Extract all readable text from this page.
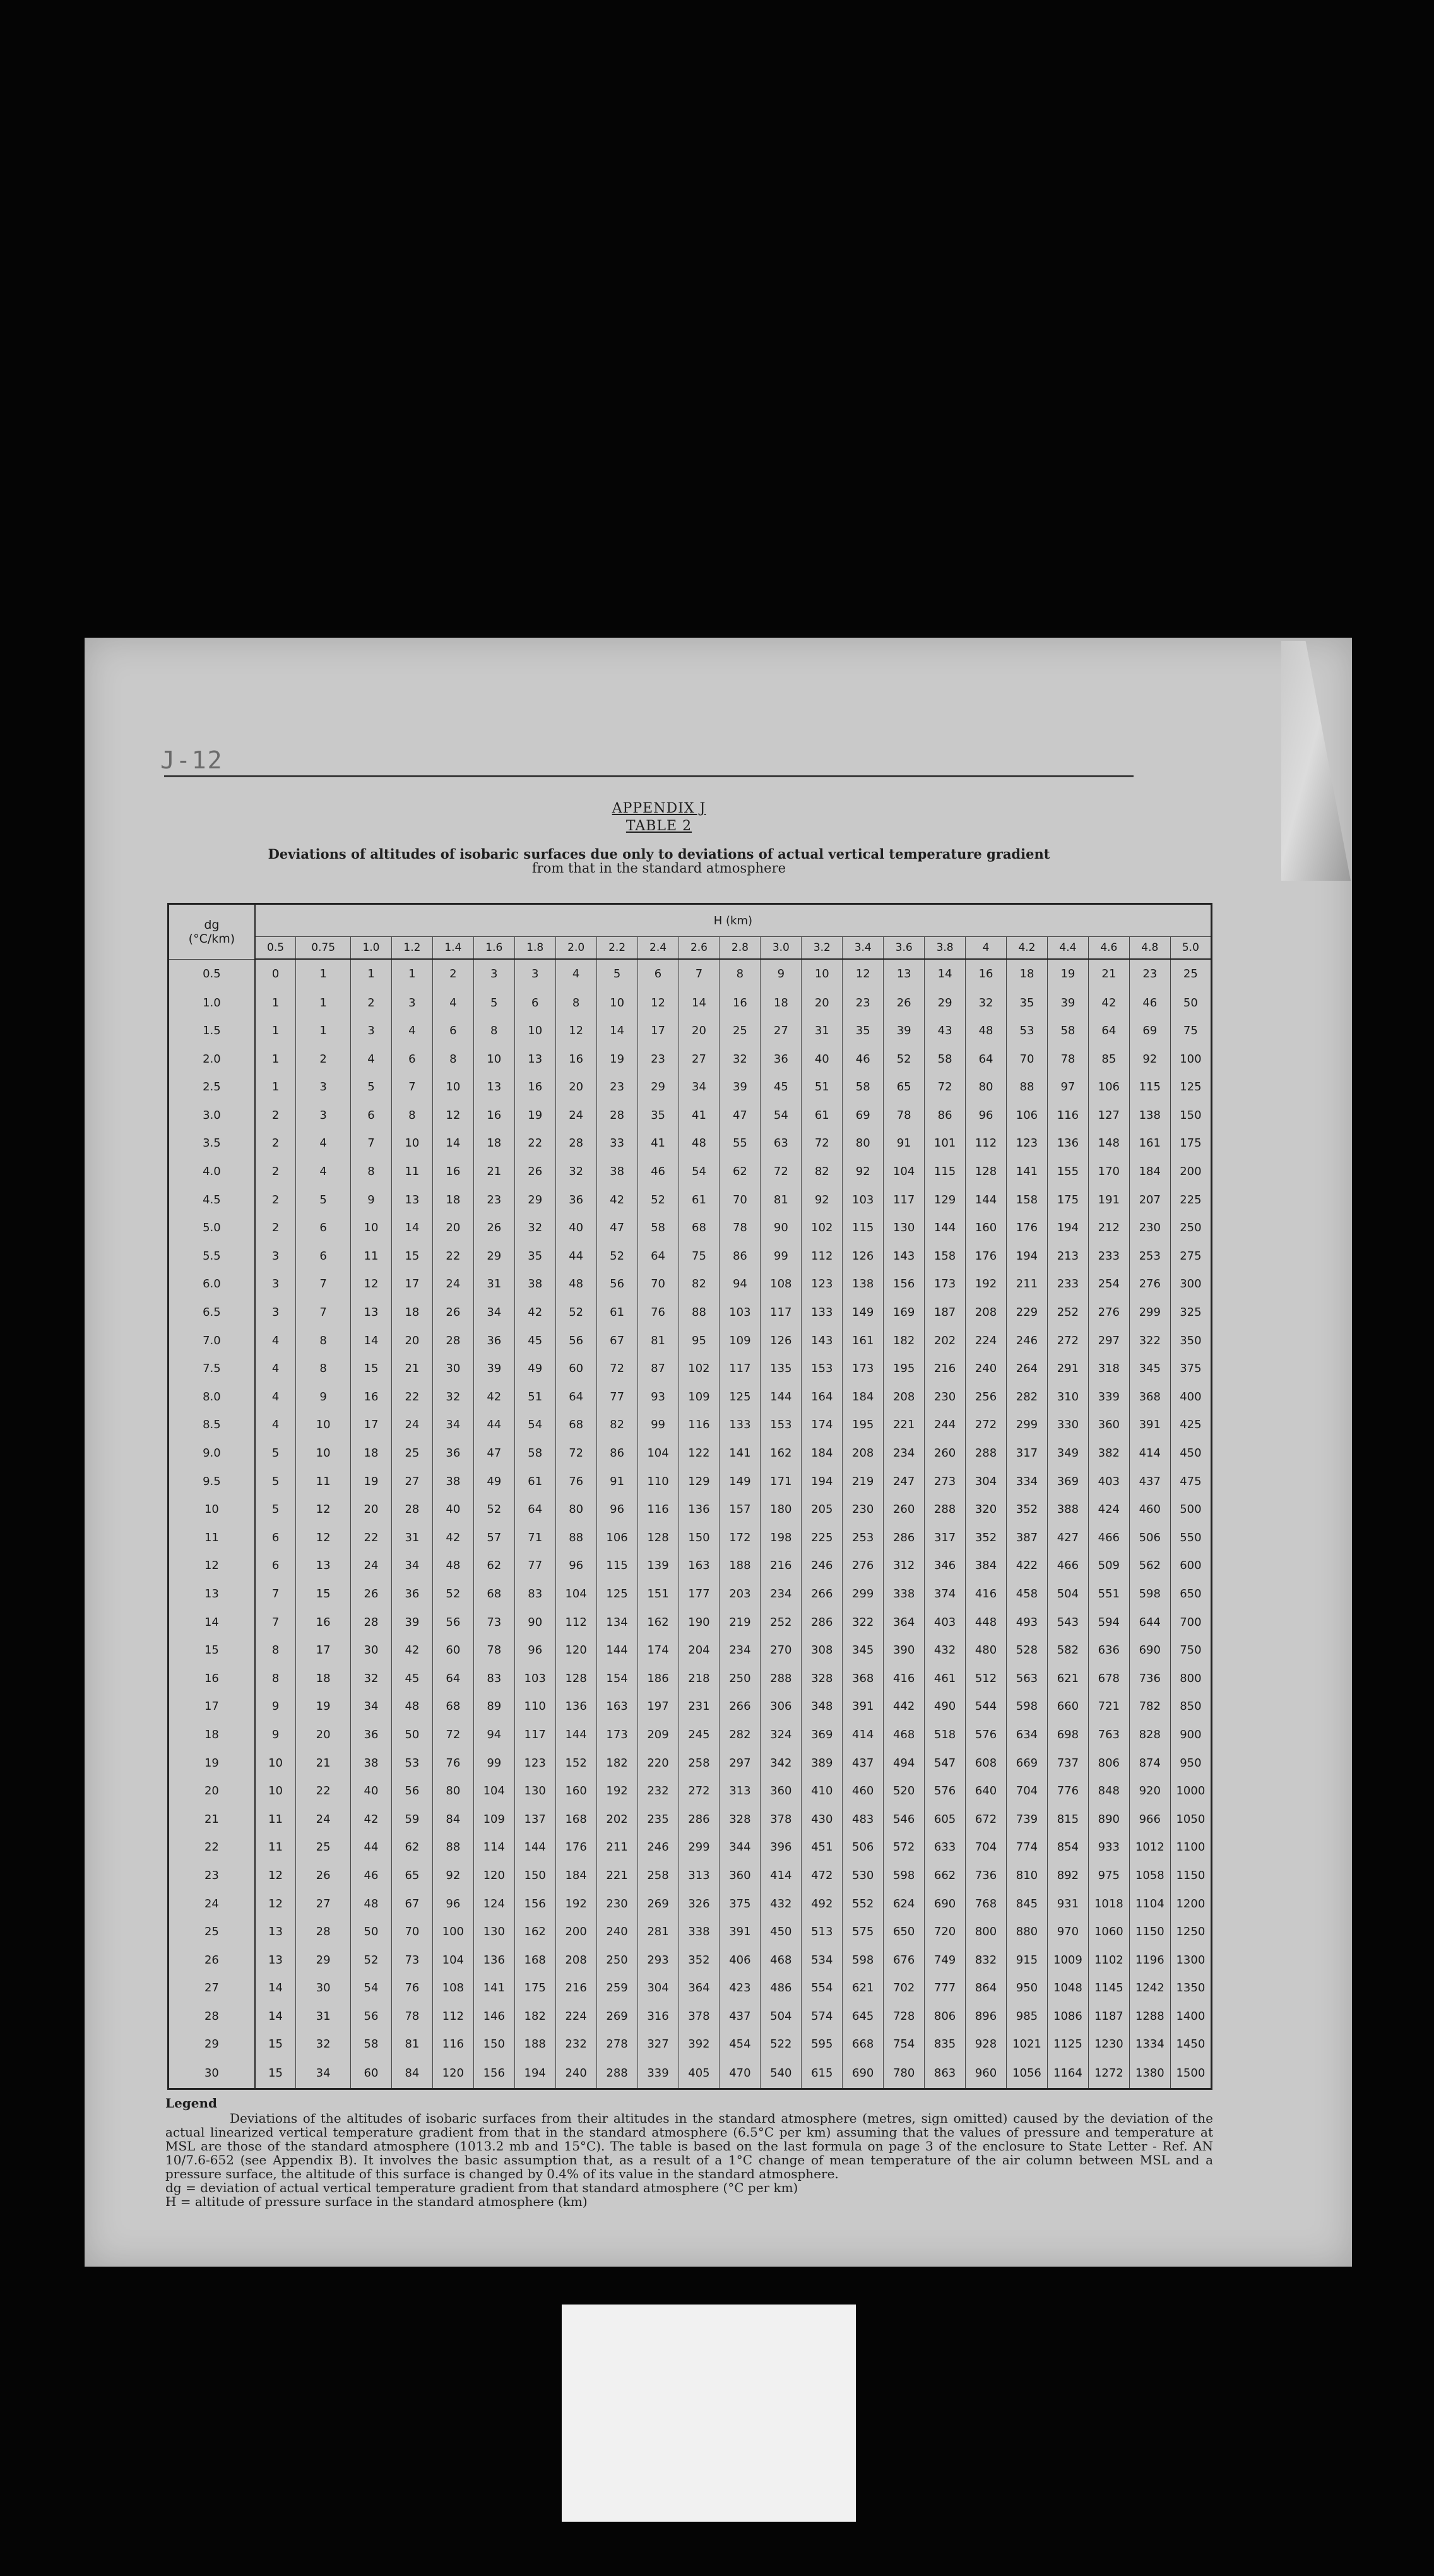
J-12
APPENDIX J
TABLE 2
Deviations of altitudes of isobaric surfaces due only to deviations of actual vertical temperature gradient
from that in the standard atmosphere
dg
(°C/km)	H (km)																						
	0.5	0.75	1.0	1.2	1.4	1.6	1.8	2.0	2.2	2.4	2.6	2.8	3.0	3.2	3.4	3.6	3.8	4	4.2	4.4	4.6	4.8	5.0
0.5	0	1	1	1	2	3	3	4	5	6	7	8	9	10	12	13	14	16	18	19	21	23	25
1.0	1	1	2	3	4	5	6	8	10	12	14	16	18	20	23	26	29	32	35	39	42	46	50
1.5	1	1	3	4	6	8	10	12	14	17	20	25	27	31	35	39	43	48	53	58	64	69	75
2.0	1	2	4	6	8	10	13	16	19	23	27	32	36	40	46	52	58	64	70	78	85	92	100
2.5	1	3	5	7	10	13	16	20	23	29	34	39	45	51	58	65	72	80	88	97	106	115	125
3.0	2	3	6	8	12	16	19	24	28	35	41	47	54	61	69	78	86	96	106	116	127	138	150
3.5	2	4	7	10	14	18	22	28	33	41	48	55	63	72	80	91	101	112	123	136	148	161	175
4.0	2	4	8	11	16	21	26	32	38	46	54	62	72	82	92	104	115	128	141	155	170	184	200
4.5	2	5	9	13	18	23	29	36	42	52	61	70	81	92	103	117	129	144	158	175	191	207	225
5.0	2	6	10	14	20	26	32	40	47	58	68	78	90	102	115	130	144	160	176	194	212	230	250
5.5	3	6	11	15	22	29	35	44	52	64	75	86	99	112	126	143	158	176	194	213	233	253	275
6.0	3	7	12	17	24	31	38	48	56	70	82	94	108	123	138	156	173	192	211	233	254	276	300
6.5	3	7	13	18	26	34	42	52	61	76	88	103	117	133	149	169	187	208	229	252	276	299	325
7.0	4	8	14	20	28	36	45	56	67	81	95	109	126	143	161	182	202	224	246	272	297	322	350
7.5	4	8	15	21	30	39	49	60	72	87	102	117	135	153	173	195	216	240	264	291	318	345	375
8.0	4	9	16	22	32	42	51	64	77	93	109	125	144	164	184	208	230	256	282	310	339	368	400
8.5	4	10	17	24	34	44	54	68	82	99	116	133	153	174	195	221	244	272	299	330	360	391	425
9.0	5	10	18	25	36	47	58	72	86	104	122	141	162	184	208	234	260	288	317	349	382	414	450
9.5	5	11	19	27	38	49	61	76	91	110	129	149	171	194	219	247	273	304	334	369	403	437	475
10	5	12	20	28	40	52	64	80	96	116	136	157	180	205	230	260	288	320	352	388	424	460	500
11	6	12	22	31	42	57	71	88	106	128	150	172	198	225	253	286	317	352	387	427	466	506	550
12	6	13	24	34	48	62	77	96	115	139	163	188	216	246	276	312	346	384	422	466	509	562	600
13	7	15	26	36	52	68	83	104	125	151	177	203	234	266	299	338	374	416	458	504	551	598	650
14	7	16	28	39	56	73	90	112	134	162	190	219	252	286	322	364	403	448	493	543	594	644	700
15	8	17	30	42	60	78	96	120	144	174	204	234	270	308	345	390	432	480	528	582	636	690	750
16	8	18	32	45	64	83	103	128	154	186	218	250	288	328	368	416	461	512	563	621	678	736	800
17	9	19	34	48	68	89	110	136	163	197	231	266	306	348	391	442	490	544	598	660	721	782	850
18	9	20	36	50	72	94	117	144	173	209	245	282	324	369	414	468	518	576	634	698	763	828	900
19	10	21	38	53	76	99	123	152	182	220	258	297	342	389	437	494	547	608	669	737	806	874	950
20	10	22	40	56	80	104	130	160	192	232	272	313	360	410	460	520	576	640	704	776	848	920	1000
21	11	24	42	59	84	109	137	168	202	235	286	328	378	430	483	546	605	672	739	815	890	966	1050
22	11	25	44	62	88	114	144	176	211	246	299	344	396	451	506	572	633	704	774	854	933	1012	1100
23	12	26	46	65	92	120	150	184	221	258	313	360	414	472	530	598	662	736	810	892	975	1058	1150
24	12	27	48	67	96	124	156	192	230	269	326	375	432	492	552	624	690	768	845	931	1018	1104	1200
25	13	28	50	70	100	130	162	200	240	281	338	391	450	513	575	650	720	800	880	970	1060	1150	1250
26	13	29	52	73	104	136	168	208	250	293	352	406	468	534	598	676	749	832	915	1009	1102	1196	1300
27	14	30	54	76	108	141	175	216	259	304	364	423	486	554	621	702	777	864	950	1048	1145	1242	1350
28	14	31	56	78	112	146	182	224	269	316	378	437	504	574	645	728	806	896	985	1086	1187	1288	1400
29	15	32	58	81	116	150	188	232	278	327	392	454	522	595	668	754	835	928	1021	1125	1230	1334	1450
30	15	34	60	84	120	156	194	240	288	339	405	470	540	615	690	780	863	960	1056	1164	1272	1380	1500
Legend
Deviations of the altitudes of isobaric surfaces from their altitudes in the standard atmosphere (metres, sign omitted) caused by the deviation of the actual linearized vertical temperature gradient from that in the standard atmosphere (6.5°C per km) assuming that the values of pressure and temperature at MSL are those of the standard atmosphere (1013.2 mb and 15°C). The table is based on the last formula on page 3 of the enclosure to State Letter - Ref. AN 10/7.6-652 (see Appendix B). It involves the basic assumption that, as a result of a 1°C change of mean temperature of the air column between MSL and a pressure surface, the altitude of this surface is changed by 0.4% of its value in the standard atmosphere.
dg = deviation of actual vertical temperature gradient from that standard atmosphere (°C per km)
H = altitude of pressure surface in the standard atmosphere (km)
